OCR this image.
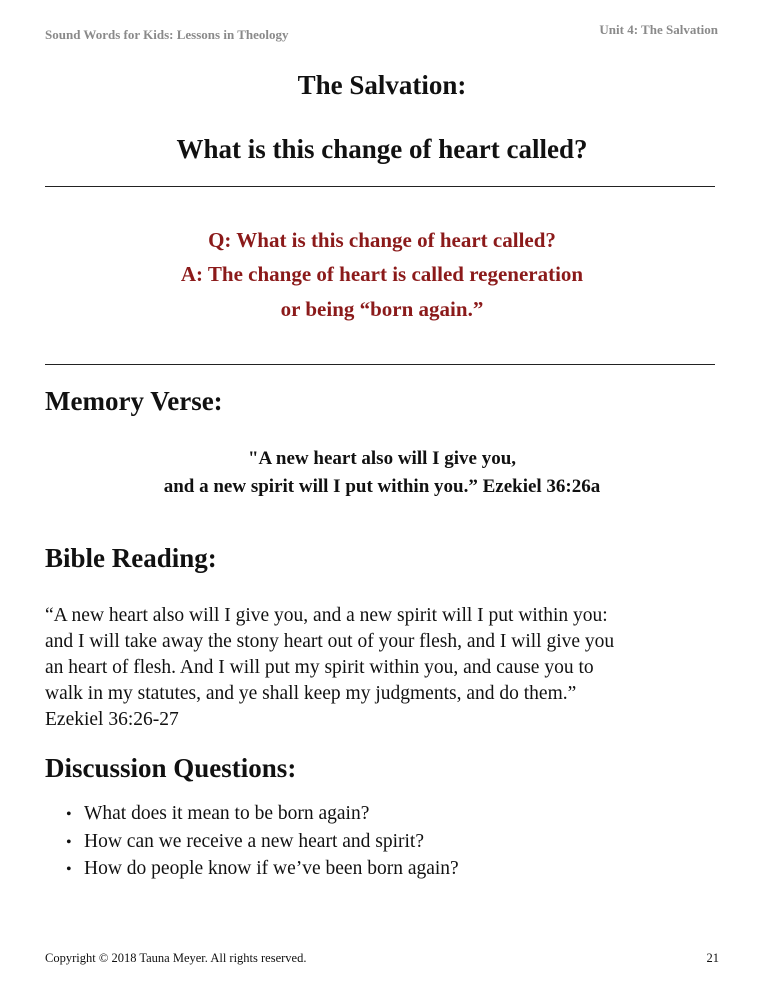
Sound Words for Kids: Lessons in Theology	Unit 4: The Salvation
The Salvation:
What is this change of heart called?
Q: What is this change of heart called?
A: The change of heart is called regeneration
or being “born again.”
Memory Verse:
"A new heart also will I give you,
and a new spirit will I put within you.” Ezekiel 36:26a
Bible Reading:
“A new heart also will I give you, and a new spirit will I put within you:
and I will take away the stony heart out of your flesh, and I will give you
an heart of flesh. And I will put my spirit within you, and cause you to
walk in my statutes, and ye shall keep my judgments, and do them.”
Ezekiel 36:26-27
Discussion Questions:
• What does it mean to be born again?
• How can we receive a new heart and spirit?
• How do people know if we’ve been born again?
Copyright © 2018 Tauna Meyer. All rights reserved.	21
